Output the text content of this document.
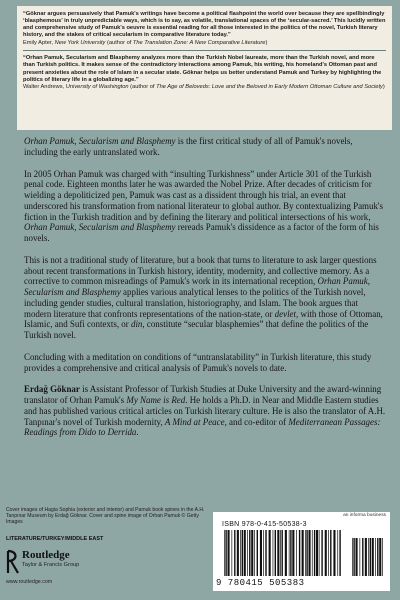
“Göknar argues persuasively that Pamuk's writings have become a political flashpoint the world over because they are spellbindingly ‘blasphemous’ in truly unpredictable ways, which is to say, as volatile, translational spaces of the ‘secular-sacred.’ This lucidly written and comprehensive study of Pamuk's oeuvre is essential reading for all those interested in the politics of the novel, Turkish literary history, and the stakes of critical secularism in comparative literature today.”
Emily Apter, New York University (author of The Translation Zone: A New Comparative Literature)
“Orhan Pamuk, Secularism and Blasphemy analyzes more than the Turkish Nobel laureate, more than the Turkish novel, and more than Turkish politics. It makes sense of the contradictory interactions among Pamuk, his writing, his homeland's Ottoman past and present anxieties about the role of Islam in a secular state. Göknar helps us better understand Pamuk and Turkey by highlighting the politics of literary life in a globalizing age.”
Walter Andrews, University of Washington (author of The Age of Beloveds: Love and the Beloved in Early Modern Ottoman Culture and Society)

Orhan Pamuk, Secularism and Blasphemy is the first critical study of all of Pamuk's novels, including the early untranslated work.

In 2005 Orhan Pamuk was charged with “insulting Turkishness” under Article 301 of the Turkish penal code. Eighteen months later he was awarded the Nobel Prize. After decades of criticism for wielding a depoliticized pen, Pamuk was cast as a dissident through his trial, an event that underscored his transformation from national literateur to global author. By contextualizing Pamuk's fiction in the Turkish tradition and by defining the literary and political intersections of his work, Orhan Pamuk, Secularism and Blasphemy rereads Pamuk's dissidence as a factor of the form of his novels.

This is not a traditional study of literature, but a book that turns to literature to ask larger questions about recent transformations in Turkish history, identity, modernity, and collective memory. As a corrective to common misreadings of Pamuk's work in its international reception, Orhan Pamuk, Secularism and Blasphemy applies various analytical lenses to the politics of the Turkish novel, including gender studies, cultural translation, historiography, and Islam. The book argues that modern literature that confronts representations of the nation-state, or devlet, with those of Ottoman, Islamic, and Sufi contexts, or din, constitute “secular blasphemies” that define the politics of the Turkish novel.

Concluding with a meditation on conditions of “untranslatability” in Turkish literature, this study provides a comprehensive and critical analysis of Pamuk's novels to date.

Erdağ Göknar is Assistant Professor of Turkish Studies at Duke University and the award-winning translator of Orhan Pamuk's My Name is Red. He holds a Ph.D. in Near and Middle Eastern studies and has published various critical articles on Turkish literary culture. He is also the translator of A.H. Tanpınar's novel of Turkish modernity, A Mind at Peace, and co-editor of Mediterranean Passages: Readings from Dido to Derrida.

Cover images of Hagia Sophia (exterior and interior) and Pamuk book spines in the A.H. Tanpınar Museum by Erdağ Göknar. Cover and spine image of Orhan Pamuk © Getty Images
LITERATURE/TURKEY/MIDDLE EAST
Routledge
Taylor & Francis Group
www.routledge.com
an informa business
ISBN 978-0-415-50538-3
9 780415 505383
